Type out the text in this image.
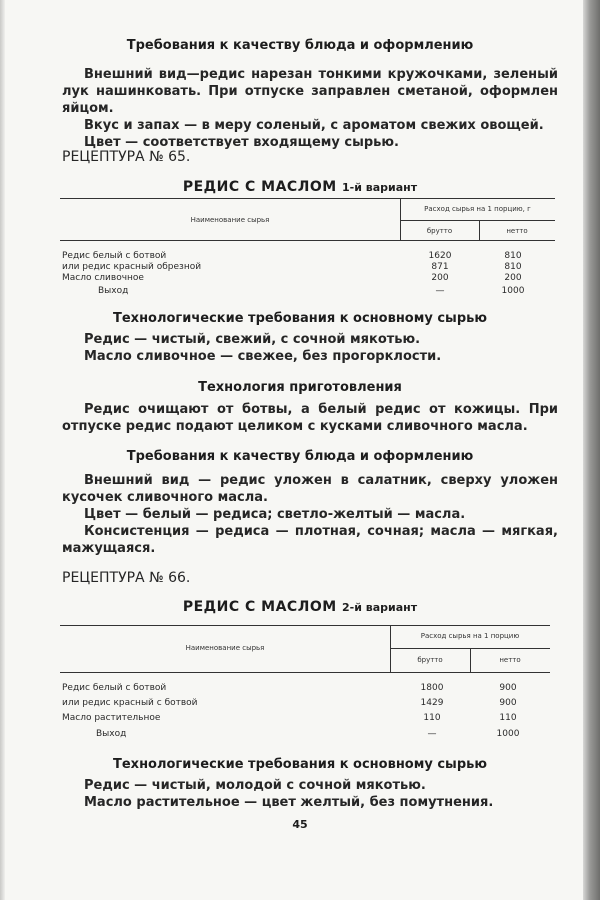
Требования к качеству блюда и оформлению

Внешний вид—редис нарезан тонкими кружочками, зеленый лук нашинковать. При отпуске заправлен сметаной, оформлен яйцом.

Вкус и запах — в меру соленый, с ароматом свежих овощей.

Цвет — соответствует входящему сырью.

РЕЦЕПТУРА № 65.
РЕДИС С МАСЛОМ 1-й вариант
Наименование сырья
Расход сырья на 1 порцию, г
брутто	нетто
Редис белый с ботвой	1620	810
или редис красный обрезной	871	810
Масло сливочное	200	200
Выход	—	1000
Технологические требования к основному сырью

Редис — чистый, свежий, с сочной мякотью.

Масло сливочное — свежее, без прогорклости.

Технология приготовления

Редис очищают от ботвы, а белый редис от кожицы. При отпуске редис подают целиком с кусками сливочного масла.

Требования к качеству блюда и оформлению

Внешний вид — редис уложен в салатник, сверху уложен кусочек сливочного масла.

Цвет — белый — редиса; светло-желтый — масла.

Консистенция — редиса — плотная, сочная; масла — мягкая, мажущаяся.

РЕЦЕПТУРА № 66.
РЕДИС С МАСЛОМ 2-й вариант
Наименование сырья
Расход сырья на 1 порцию
брутто	нетто
Редис белый с ботвой	1800	900
или редис красный с ботвой	1429	900
Масло растительное	110	110
Выход	—	1000
Технологические требования к основному сырью

Редис — чистый, молодой с сочной мякотью.

Масло растительное — цвет желтый, без помутнения.

45
